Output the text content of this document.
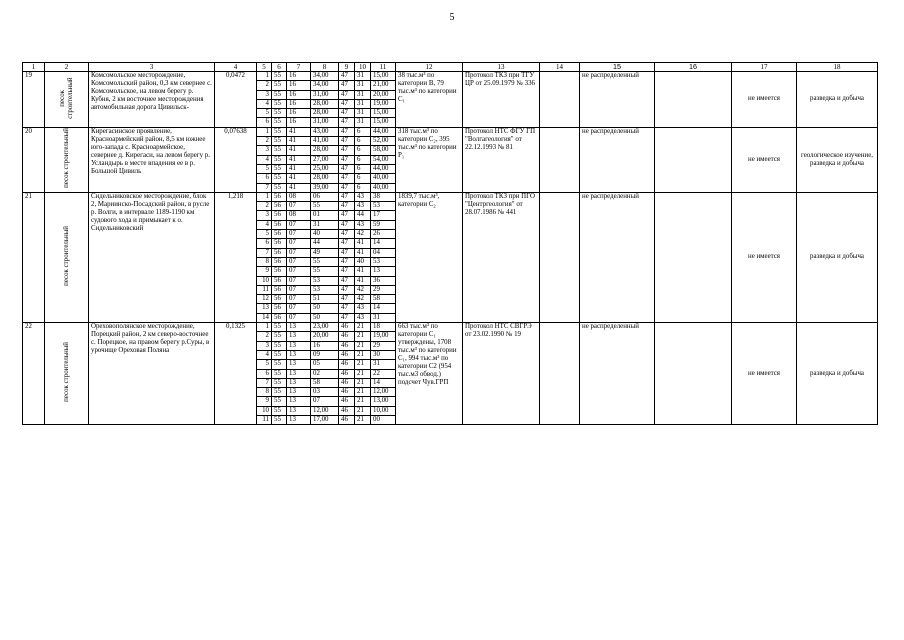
5
1	2	3	4	5	6	7	8	9	10	11	12	13	14	15	16	17	18
19	песок строительный	Комсомольское месторождение, Комсомольский район, 0,3 км севернее с. Комсомольское, на левом берегу р. Кубня, 2 км восточнее месторождения автомобильная дорога Цивильск-	0,0472	1	55	16	34,00	47	31	15,00	38 тыс.м³ по категории В, 79 тыс.м³ по категории С₁	Протокол ТКЗ при ТГУ ЦР от 25.09.1979 № 336		не распределенный		не имеется	разведка и добыча
				2	55	16	34,00	47	31	21,00							
				3	55	16	31,00	47	31	20,00							
				4	55	16	28,00	47	31	19,00							
				5	55	16	28,00	47	31	15,00							
				6	55	16	31,00	47	31	15,00							
20	песок строительный	Кирегасинское проявление, Красноармейский район, 8,5 км южнее юго-запада с. Красноармейское, севернее д. Кирегаси, на левом берегу р. Усландырь в месте впадения ее в р. Большой Цивиль	0,07638	1	55	41	43,00	47	6	44,00	318 тыс.м³ по категории С₂, 395 тыс.м³ по категории Р₁	Протокол НТС ФГУ ГП "Волгагеология" от 22.12.1993 № 81		не распределенный		не имеется	геологическое изучение, разведка и добыча
				2	55	41	41,00	47	6	52,00							
				3	55	41	28,00	47	6	58,00							
				4	55	41	27,00	47	6	54,00							
				5	55	41	25,00	47	6	44,00							
				6	55	41	28,00	47	6	40,00							
				7	55	41	39,00	47	6	40,00							
21	песок строительный	Сидельниковское месторождение, блок 2, Мариинско-Посадский район, в русле р. Волги, в интервале 1189-1190 км судового хода и примыкает к о. Сидельниковский	1,218	1	56	08	06	47	43	38	1839,7 тыс.м³, категории С₂	Протокол ТКЗ при ПГО "Центргеология" от 28.07.1986 № 441		не распределенный		не имеется	разведка и добыча
				2	56	07	55	47	43	53							
				3	56	08	01	47	44	17							
				4	56	07	31	47	43	59							
				5	56	07	40	47	42	26							
				6	56	07	44	47	41	14							
				7	56	07	49	47	41	04							
				8	56	07	55	47	40	53							
				9	56	07	55	47	41	13							
				10	56	07	53	47	41	36							
				11	56	07	53	47	42	29							
				12	56	07	51	47	42	58							
				13	56	07	50	47	43	14							
				14	56	07	50	47	43	31							
22	песок строительный	Ореховополянское месторождение, Порецкий район, 2 км северо-восточнее с. Порецкое, на правом берегу р.Суры, в урочище Ореховая Поляна	0,1325	1	55	13	23,00	46	21	18	663 тыс.м³ по категории С₁ утверждены, 1708 тыс.м³ по категории С₁, 994 тыс.м³ по категории С2 (954 тыс.м3 обвод.) подсчет Чув.ГРП	Протокол НТС СВГРЭ от 23.02.1990 № 19		не распределенный		не имеется	разведка и добыча
				2	55	13	20,00	46	21	19,00							
				3	55	13	16	46	21	29							
				4	55	13	09	46	21	30							
				5	55	13	05	46	21	31							
				6	55	13	02	46	21	22							
				7	55	13	58	46	21	14							
				8	55	13	03	46	21	12,00							
				9	55	13	07	46	21	13,00							
				10	55	13	12,00	46	21	10,00							
				11	55	13	17,00	46	21	00							
